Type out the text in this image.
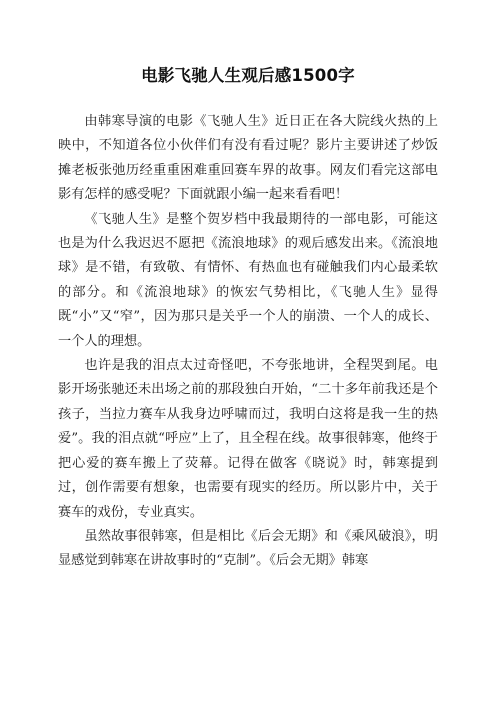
电影飞驰人生观后感1500字

由韩寒导演的电影《飞驰人生》近日正在各大院线火热的上映中，不知道各位小伙伴们有没有看过呢？影片主要讲述了炒饭摊老板张弛历经重重困难重回赛车界的故事。网友们看完这部电影有怎样的感受呢？下面就跟小编一起来看看吧！

《飞驰人生》是整个贺岁档中我最期待的一部电影，可能这也是为什么我迟迟不愿把《流浪地球》的观后感发出来。《流浪地球》是不错，有致敬、有情怀、有热血也有碰触我们内心最柔软的部分。和《流浪地球》的恢宏气势相比，《飞驰人生》显得既“小”又“窄”，因为那只是关乎一个人的崩溃、一个人的成长、一个人的理想。

也许是我的泪点太过奇怪吧，不夸张地讲，全程哭到尾。电影开场张驰还未出场之前的那段独白开始，“二十多年前我还是个孩子，当拉力赛车从我身边呼啸而过，我明白这将是我一生的热爱”。我的泪点就“呼应”上了，且全程在线。故事很韩寒，他终于把心爱的赛车搬上了荧幕。记得在做客《晓说》时，韩寒提到过，创作需要有想象，也需要有现实的经历。所以影片中，关于赛车的戏份，专业真实。

虽然故事很韩寒，但是相比《后会无期》和《乘风破浪》，明显感觉到韩寒在讲故事时的“克制”。《后会无期》韩寒
